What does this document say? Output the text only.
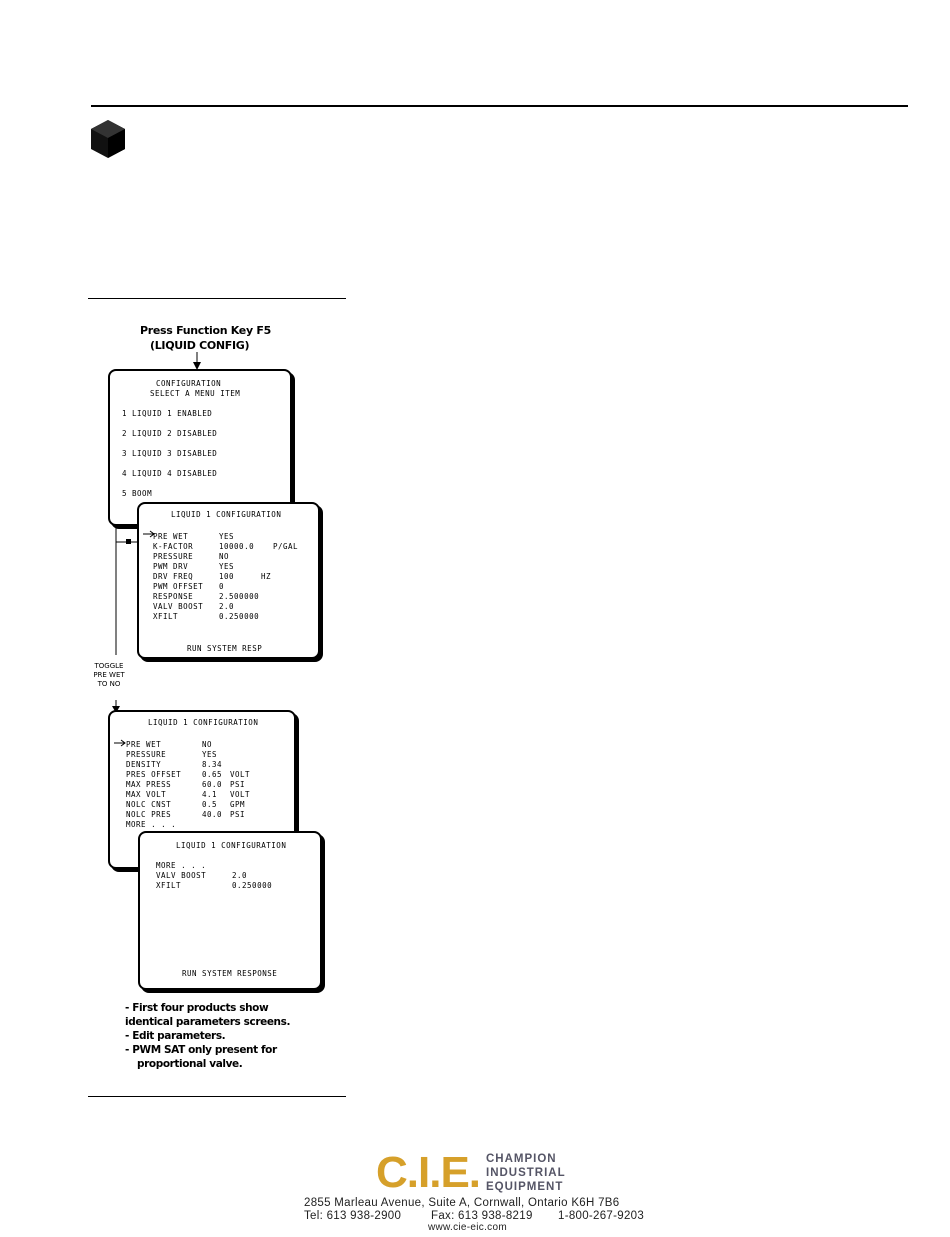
Press Function Key F5
(LIQUID CONFIG)
CONFIGURATION
SELECT A MENU ITEM
1 LIQUID 1 ENABLED
2 LIQUID 2 DISABLED
3 LIQUID 3 DISABLED
4 LIQUID 4 DISABLED
5 BOOM
LIQUID 1 CONFIGURATION
PRE WET	YES
K-FACTOR	10000.0	P/GAL
PRESSURE	NO
PWM DRV	YES
DRV FREQ	100	HZ
PWM OFFSET 0
RESPONSE	2.500000
VALV BOOST 2.0
XFILT	0.250000
RUN SYSTEM RESP
TOGGLE
PRE WET
TO NO
LIQUID 1 CONFIGURATION
PRE WET	NO
PRESSURE	YES
DENSITY	8.34
PRES OFFSET	0.65 VOLT
MAX PRESS	60.0 PSI
MAX VOLT	4.1 VOLT
NOLC CNST	0.5 GPM
NOLC PRES	40.0 PSI
MORE . . .
LIQUID 1 CONFIGURATION
MORE . . .
VALV BOOST	2.0
XFILT	0.250000
RUN SYSTEM RESPONSE
- First four products show
identical parameters screens.
- Edit parameters.
- PWM SAT only present for
proportional valve.
C.I.E. CHAMPION
INDUSTRIAL
EQUIPMENT
2855 Marleau Avenue, Suite A, Cornwall, Ontario K6H 7B6
Tel: 613 938-2900	Fax: 613 938-8219 1-800-267-9203
www.cie-eic.com
